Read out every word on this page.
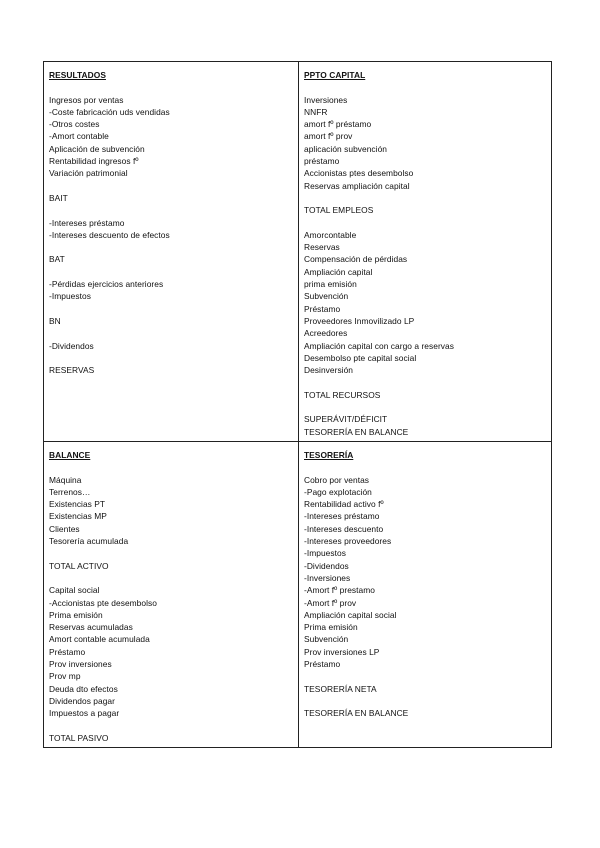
RESULTADOS
Ingresos por ventas
-Coste fabricación uds vendidas
-Otros costes
-Amort contable
Aplicación de subvención
Rentabilidad ingresos fº
Variación patrimonial
BAIT
-Intereses préstamo
-Intereses descuento de efectos
BAT
-Pérdidas ejercicios anteriores
-Impuestos
BN
-Dividendos
RESERVAS
PPTO CAPITAL
Inversiones
NNFR
amort fº préstamo
amort fº prov
aplicación subvención
préstamo
Accionistas ptes desembolso
Reservas ampliación capital
TOTAL EMPLEOS
Amorcontable
Reservas
Compensación de pérdidas
Ampliación capital
prima emisión
Subvención
Préstamo
Proveedores Inmovilizado LP
Acreedores
Ampliación capital con cargo a reservas
Desembolso pte capital social
Desinversión
TOTAL RECURSOS
SUPERÁVIT/DÉFICIT
TESORERÍA EN BALANCE
BALANCE
Máquina
Terrenos…
Existencias PT
Existencias MP
Clientes
Tesorería acumulada
TOTAL ACTIVO
Capital social
-Accionistas pte desembolso
Prima emisión
Reservas acumuladas
Amort contable acumulada
Préstamo
Prov inversiones
Prov mp
Deuda dto efectos
Dividendos pagar
Impuestos a pagar
TOTAL PASIVO
TESORERÍA
Cobro por ventas
-Pago explotación
Rentabilidad activo fº
-Intereses préstamo
-Intereses descuento
-Intereses proveedores
-Impuestos
-Dividendos
-Inversiones
-Amort fº prestamo
-Amort fº prov
Ampliación capital social
Prima emisión
Subvención
Prov inversiones LP
Préstamo
TESORERÍA NETA
TESORERÍA EN BALANCE
